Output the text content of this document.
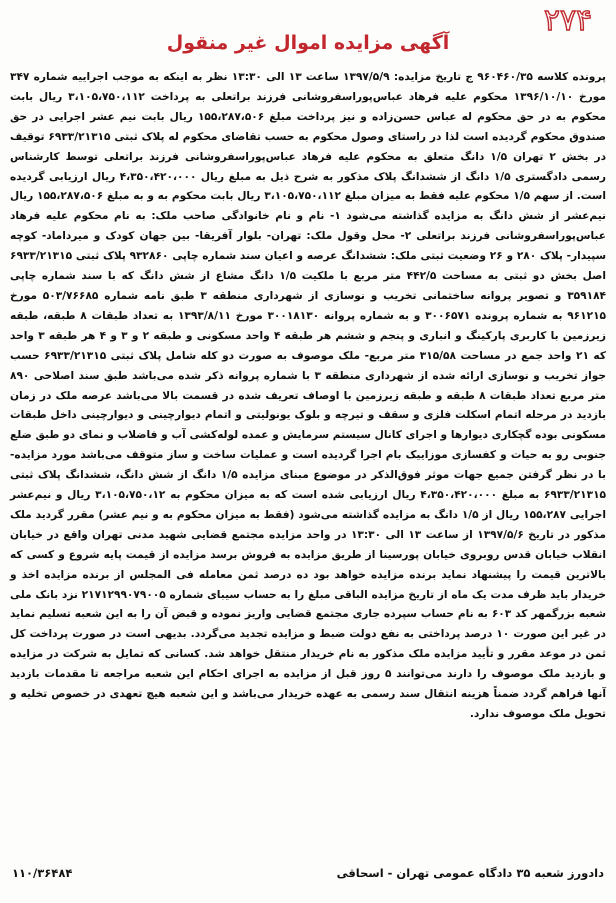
۲۷۴
آگهی مزایده اموال غیر منقول
پرونده کلاسه ۹۶۰۴۶۰/۳۵ ج تاریخ مزایده: ۱۳۹۷/۵/۹ ساعت ۱۳ الی ۱۳:۳۰ نظر به اینکه به موجب اجراییه شماره ۳۴۷ مورخ ۱۳۹۶/۱۰/۱۰ محکوم علیه فرهاد عباس‌پوراسفروشانی فرزند براتعلی به پرداخت ۳،۱۰۵،۷۵۰،۱۱۲ ریال بابت محکوم به در حق محکوم له عباس حسن‌زاده و نیز پرداخت مبلغ ۱۵۵،۲۸۷،۵۰۶ ریال بابت نیم عشر اجرایی در حق صندوق محکوم گردیده است لذا در راستای وصول محکوم به حسب تقاضای محکوم له پلاک ثبتی ۶۹۳۳/۲۱۳۱۵ توقیف در بخش ۲ تهران ۱/۵ دانگ متعلق به محکوم علیه فرهاد عباس‌پوراسفروشانی فرزند براتعلی توسط کارشناس رسمی دادگستری ۱/۵ دانگ از ششدانگ پلاک مذکور به شرح ذیل به مبلغ ریال ۴،۳۵۰،۴۲۰،۰۰۰ ریال ارزیابی گردیده است. از سهم ۱/۵ محکوم علیه فقط به میزان مبلغ ۳،۱۰۵،۷۵۰،۱۱۲ ریال بابت محکوم به و به مبلغ ۱۵۵،۲۸۷،۵۰۶ ریال نیم‌عشر از شش دانگ به مزایده گذاشته می‌شود ۱- نام و نام خانوادگی صاحب ملک: به نام محکوم علیه فرهاد عباس‌پوراسفروشانی فرزند براتعلی ۲- محل وقول ملک: تهران- بلوار آفریقا- بین جهان کودک و میرداماد- کوچه سپیدار- پلاک ۲۸۰ و ۲۶ وضعیت ثبتی ملک: ششدانگ عرصه و اعیان سند شماره چاپی ۹۳۲۸۶۰ پلاک ثبتی ۶۹۳۳/۲۱۳۱۵ اصل بخش دو ثبتی به مساحت ۴۴۲/۵ متر مربع با ملکیت ۱/۵ دانگ مشاع از شش دانگ که با سند شماره چاپی ۳۵۹۱۸۴ و تصویر پروانه ساختمانی تخریب و نوسازی از شهرداری منطقه ۳ طبق نامه شماره ۵۰۳/۷۶۶۸۵ مورخ ۹۶۱۲۱۵ به شماره پرونده ۳۰۰۶۵۷۱ و به شماره پروانه ۳۰۰۱۸۱۳۰ مورخ ۱۳۹۳/۸/۱۱ به تعداد طبقات ۸ طبقه، طبقه زیرزمین با کاربری پارکینگ و انباری و پنجم و ششم هر طبقه ۴ واحد مسکونی و طبقه ۲ و ۳ و ۴ هر طبقه ۳ واحد که ۲۱ واحد جمع در مساحت ۳۱۵/۵۸ متر مربع- ملک موصوف به صورت دو کله شامل پلاک ثبتی ۶۹۳۳/۲۱۳۱۵ حسب جواز تخریب و نوسازی ارائه شده از شهرداری منطقه ۳ با شماره پروانه ذکر شده می‌باشد طبق سند اصلاحی ۸۹۰ متر مربع تعداد طبقات ۸ طبقه و طبقه زیرزمین با اوصاف تعریف شده در قسمت بالا می‌باشد عرصه ملک در زمان بازدید در مرحله اتمام اسکلت فلزی و سقف و تیرچه و بلوک یونولیتی و اتمام دیوارچینی و دیوارچینی داخل طبقات مسکونی بوده گچکاری دیوارها و اجرای کانال سیستم سرمایش و عمده لوله‌کشی آب و فاضلاب و نمای دو طبق ضلع جنوبی رو به حیات و کفسازی موزاییک بام اجرا گردیده است و عملیات ساخت و ساز متوقف می‌باشد مورد مزایده- با در نظر گرفتن جمیع جهات موثر فوق‌الذکر در موضوع مبنای مزایده ۱/۵ دانگ از شش دانگ، ششدانگ پلاک ثبتی ۶۹۳۳/۲۱۳۱۵ به مبلغ ۴،۳۵۰،۴۲۰،۰۰۰ ریال ارزیابی شده است که به میزان محکوم به ۳،۱۰۵،۷۵۰،۱۲ ریال و نیم‌عشر اجرایی ۱۵۵،۲۸۷ ریال از ۱/۵ دانگ به مزایده گذاشته می‌شود (فقط به میزان محکوم به و نیم عشر) مقرر گردید ملک مذکور در تاریخ ۱۳۹۷/۵/۶ از ساعت ۱۳ الی ۱۳:۳۰ در واحد مزایده مجتمع قضایی شهید مدنی تهران واقع در خیابان انقلاب خیابان قدس روبروی خیابان پورسینا از طریق مزایده به فروش برسد مزایده از قیمت پایه شروع و کسی که بالاترین قیمت را پیشنهاد نماید برنده مزایده خواهد بود ده درصد ثمن معامله فی المجلس از برنده مزایده اخذ و خریدار باید ظرف مدت یک ماه از تاریخ مزایده الباقی مبلغ را به حساب سیبای شماره ۲۱۷۱۲۹۹۰۷۹۰۰۵ نزد بانک ملی شعبه بزرگمهر کد ۶۰۳ به نام حساب سپرده جاری مجتمع قضایی واریز نموده و قبض آن را به این شعبه تسلیم نماید در غیر این صورت ۱۰ درصد پرداختی به نفع دولت ضبط و مزایده تجدید می‌گردد. بدیهی است در صورت پرداخت کل ثمن در موعد مقرر و تأیید مزایده ملک مذکور به نام خریدار منتقل خواهد شد. کسانی که تمایل به شرکت در مزایده و بازدید ملک موصوف را دارند می‌توانند ۵ روز قبل از مزایده به اجرای احکام این شعبه مراجعه تا مقدمات بازدید آنها فراهم گردد ضمناً هزینه انتقال سند رسمی به عهده خریدار می‌باشد و این شعبه هیچ تعهدی در خصوص تخلیه و تحویل ملک موصوف ندارد.
دادورز شعبه ۳۵ دادگاه عمومی تهران - اسحاقی
۱۱۰/۳۶۴۸۴
